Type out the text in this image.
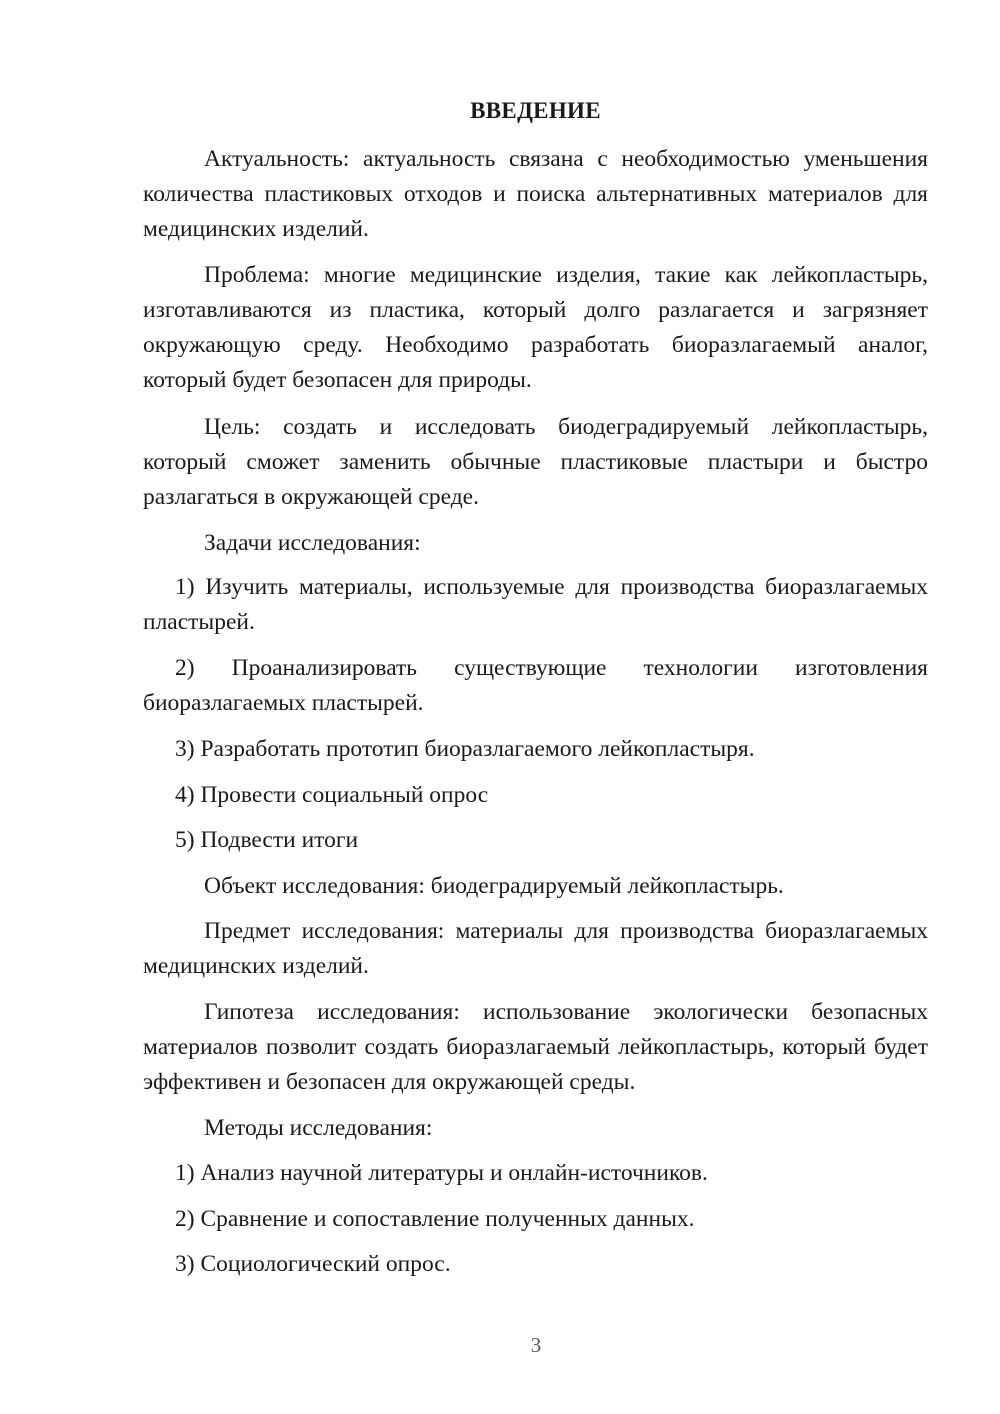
ВВЕДЕНИЕ

Актуальность: актуальность связана с необходимостью уменьшения количества пластиковых отходов и поиска альтернативных материалов для медицинских изделий.

Проблема: многие медицинские изделия, такие как лейкопластырь, изготавливаются из пластика, который долго разлагается и загрязняет окружающую среду. Необходимо разработать биоразлагаемый аналог, который будет безопасен для природы.

Цель: создать и исследовать биодеградируемый лейкопластырь, который сможет заменить обычные пластиковые пластыри и быстро разлагаться в окружающей среде.

Задачи исследования:

1) Изучить материалы, используемые для производства биоразлагаемых пластырей.

2) Проанализировать существующие технологии изготовления биоразлагаемых пластырей.

3) Разработать прототип биоразлагаемого лейкопластыря.

4) Провести социальный опрос

5) Подвести итоги

Объект исследования: биодеградируемый лейкопластырь.

Предмет исследования: материалы для производства биоразлагаемых медицинских изделий.

Гипотеза исследования: использование экологически безопасных материалов позволит создать биоразлагаемый лейкопластырь, который будет эффективен и безопасен для окружающей среды.

Методы исследования:

1) Анализ научной литературы и онлайн-источников.

2) Сравнение и сопоставление полученных данных.

3) Социологический опрос.

3
